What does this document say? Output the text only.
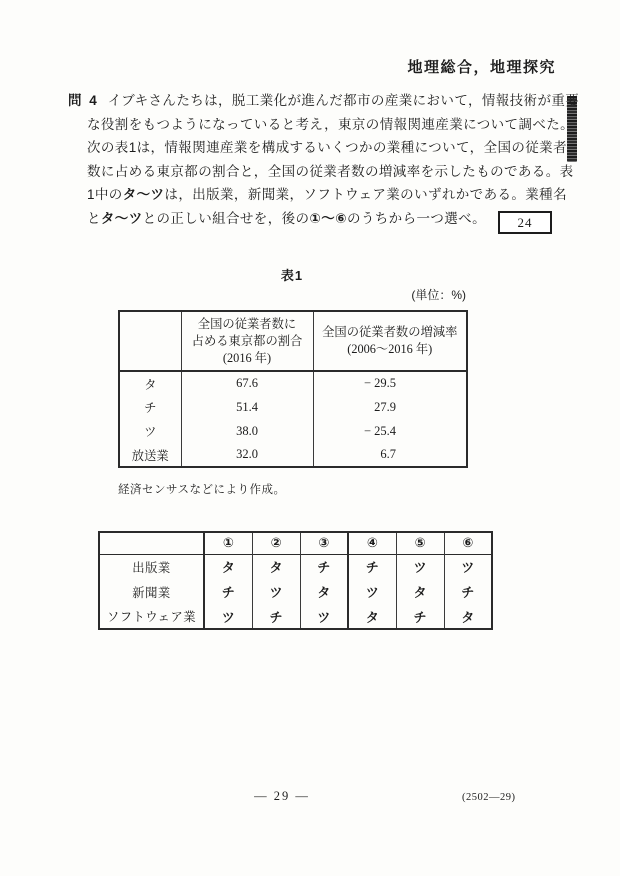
地理総合，地理探究
問 4 イブキさんたちは，脱工業化が進んだ都市の産業において，情報技術が重要
な役割をもつようになっていると考え，東京の情報関連産業について調べた。
次の表1は，情報関連産業を構成するいくつかの業種について，全国の従業者
数に占める東京都の割合と，全国の従業者数の増減率を示したものである。表
1中のタ～ツは，出版業，新聞業，ソフトウェア業のいずれかである。業種名
とタ～ツとの正しい組合せを，後の①～⑥のうちから一つ選べ。 24
表1
(単位：%)

	全国の従業者数に
占める東京都の割合
(2016 年)	全国の従業者数の増減率
(2006～2016 年)

タ	67.6	− 29.5
チ	51.4	27.9
ツ	38.0	− 25.4
放送業	32.0	6.7
経済センサスなどにより作成。
	①	②	③	④	⑤	⑥
出版業	タ	タ	チ	チ	ツ	ツ
新聞業	チ	ツ	タ	ツ	タ	チ
ソフトウェア業	ツ	チ	ツ	タ	チ	タ
— 29 —	(2502—29)
